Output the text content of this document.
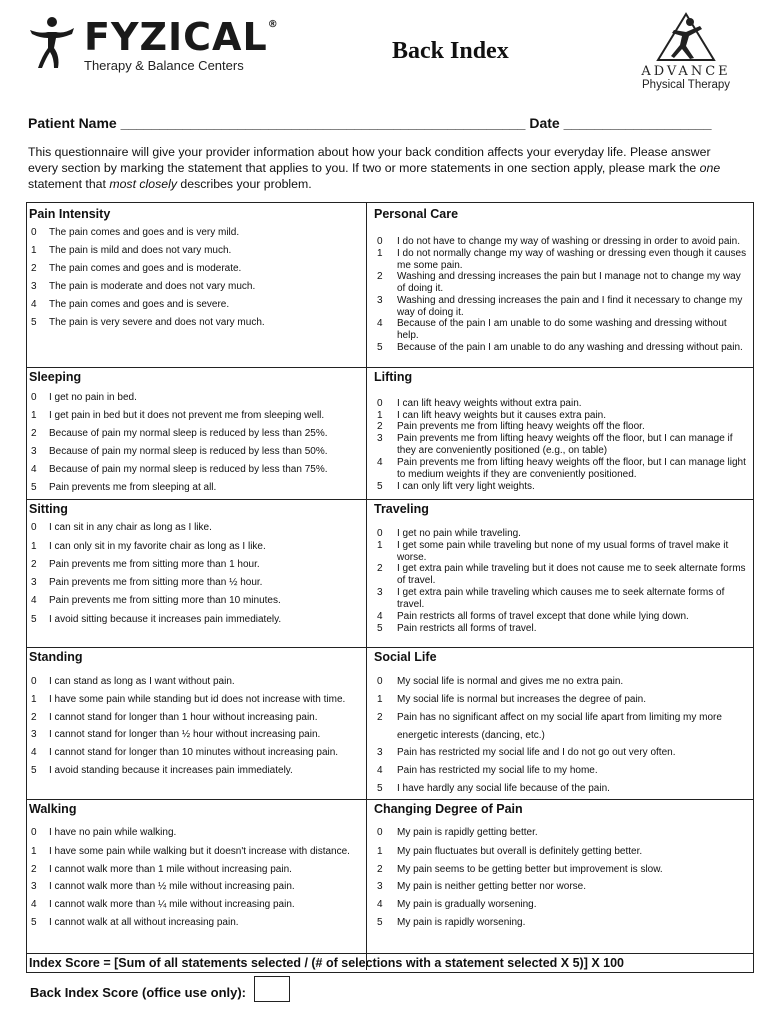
FYZICAL®
Therapy & Balance Centers
Back Index
ADVANCE
Physical Therapy
Patient Name ____________________________________________________ Date ___________________
This questionnaire will give your provider information about how your back condition affects your everyday life. Please answer every section by marking the statement that applies to you. If two or more statements in one section apply, please mark the one statement that most closely describes your problem.
Pain Intensity
0 The pain comes and goes and is very mild.
1 The pain is mild and does not vary much.
2 The pain comes and goes and is moderate.
3 The pain is moderate and does not vary much.
4 The pain comes and goes and is severe.
5 The pain is very severe and does not vary much.
Sleeping
0 I get no pain in bed.
1 I get pain in bed but it does not prevent me from sleeping well.
2 Because of pain my normal sleep is reduced by less than 25%.
3 Because of pain my normal sleep is reduced by less than 50%.
4 Because of pain my normal sleep is reduced by less than 75%.
5 Pain prevents me from sleeping at all.
Sitting
0 I can sit in any chair as long as I like.
1 I can only sit in my favorite chair as long as I like.
2 Pain prevents me from sitting more than 1 hour.
3 Pain prevents me from sitting more than ½ hour.
4 Pain prevents me from sitting more than 10 minutes.
5 I avoid sitting because it increases pain immediately.
Standing
0 I can stand as long as I want without pain.
1 I have some pain while standing but id does not increase with time.
2 I cannot stand for longer than 1 hour without increasing pain.
3 I cannot stand for longer than ½ hour without increasing pain.
4 I cannot stand for longer than 10 minutes without increasing pain.
5 I avoid standing because it increases pain immediately.
Walking
0 I have no pain while walking.
1 I have some pain while walking but it doesn't increase with distance.
2 I cannot walk more than 1 mile without increasing pain.
3 I cannot walk more than ½ mile without increasing pain.
4 I cannot walk more than ¼ mile without increasing pain.
5 I cannot walk at all without increasing pain.
Personal Care
0 I do not have to change my way of washing or dressing in order to avoid pain.
1 I do not normally change my way of washing or dressing even though it causes me some pain.
2 Washing and dressing increases the pain but I manage not to change my way of doing it.
3 Washing and dressing increases the pain and I find it necessary to change my way of doing it.
4 Because of the pain I am unable to do some washing and dressing without help.
5 Because of the pain I am unable to do any washing and dressing without pain.
Lifting
0 I can lift heavy weights without extra pain.
1 I can lift heavy weights but it causes extra pain.
2 Pain prevents me from lifting heavy weights off the floor.
3 Pain prevents me from lifting heavy weights off the floor, but I can manage if they are conveniently positioned (e.g., on table)
4 Pain prevents me from lifting heavy weights off the floor, but I can manage light to medium weights if they are conveniently positioned.
5 I can only lift very light weights.
Traveling
0 I get no pain while traveling.
1 I get some pain while traveling but none of my usual forms of travel make it worse.
2 I get extra pain while traveling but it does not cause me to seek alternate forms of travel.
3 I get extra pain while traveling which causes me to seek alternate forms of travel.
4 Pain restricts all forms of travel except that done while lying down.
5 Pain restricts all forms of travel.
Social Life
0 My social life is normal and gives me no extra pain.
1 My social life is normal but increases the degree of pain.
2 Pain has no significant affect on my social life apart from limiting my more
energetic interests (dancing, etc.)
3 Pain has restricted my social life and I do not go out very often.
4 Pain has restricted my social life to my home.
5 I have hardly any social life because of the pain.
Changing Degree of Pain
0 My pain is rapidly getting better.
1 My pain fluctuates but overall is definitely getting better.
2 My pain seems to be getting better but improvement is slow.
3 My pain is neither getting better nor worse.
4 My pain is gradually worsening.
5 My pain is rapidly worsening.
Index Score = [Sum of all statements selected / (# of selections with a statement selected X 5)] X 100
Back Index Score (office use only):
